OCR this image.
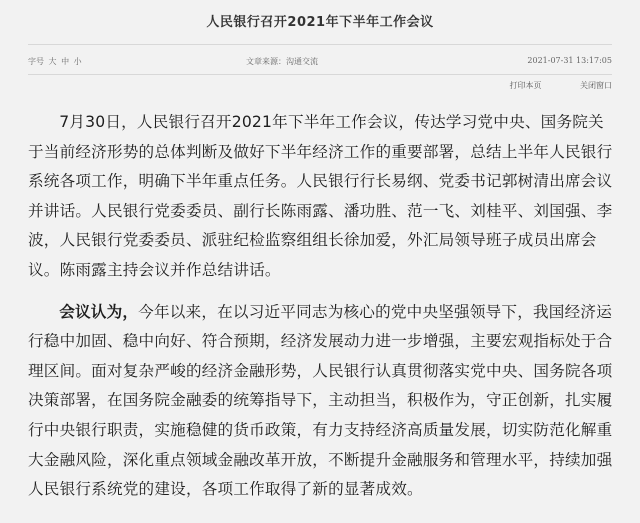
人民银行召开2021年下半年工作会议
字号 大 中 小	文章来源：沟通交流	2021-07-31 13:17:05
打印本页	关闭窗口

7月30日，人民银行召开2021年下半年工作会议，传达学习党中央、国务院关于当前经济形势的总体判断及做好下半年经济工作的重要部署，总结上半年人民银行系统各项工作，明确下半年重点任务。人民银行行长易纲、党委书记郭树清出席会议并讲话。人民银行党委委员、副行长陈雨露、潘功胜、范一飞、刘桂平、刘国强、李波，人民银行党委委员、派驻纪检监察组组长徐加爱，外汇局领导班子成员出席会议。陈雨露主持会议并作总结讲话。

会议认为，今年以来，在以习近平同志为核心的党中央坚强领导下，我国经济运行稳中加固、稳中向好、符合预期，经济发展动力进一步增强，主要宏观指标处于合理区间。面对复杂严峻的经济金融形势，人民银行认真贯彻落实党中央、国务院各项决策部署，在国务院金融委的统筹指导下，主动担当，积极作为，守正创新，扎实履行中央银行职责，实施稳健的货币政策，有力支持经济高质量发展，切实防范化解重大金融风险，深化重点领域金融改革开放，不断提升金融服务和管理水平，持续加强人民银行系统党的建设，各项工作取得了新的显著成效。
